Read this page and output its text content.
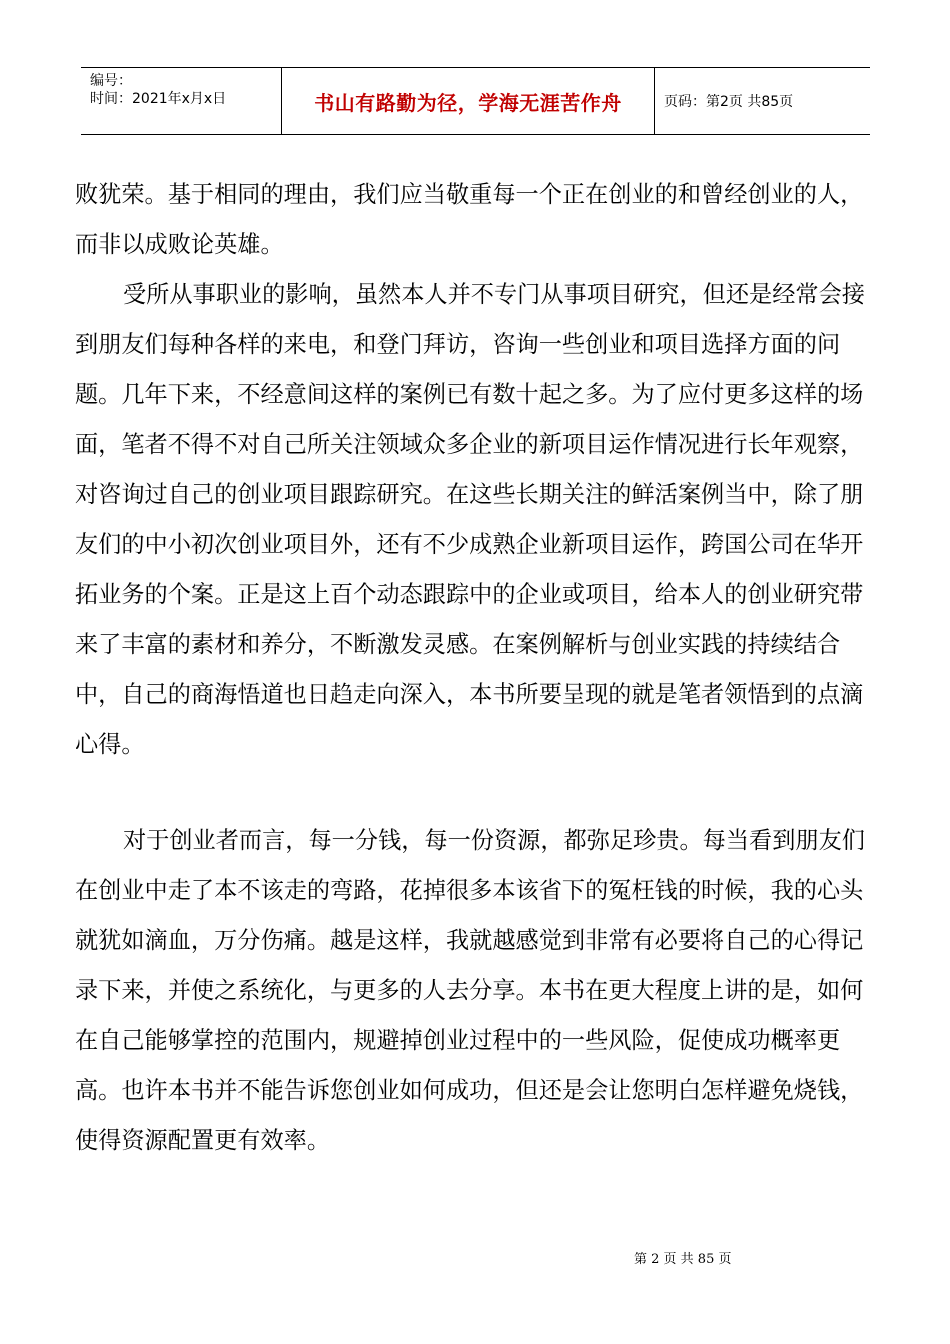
编号：
时间：2021年x月x日	书山有路勤为径，学海无涯苦作舟	页码：第2页 共85页

败犹荣。基于相同的理由，我们应当敬重每一个正在创业的和曾经创业的人，而非以成败论英雄。

受所从事职业的影响，虽然本人并不专门从事项目研究，但还是经常会接到朋友们每种各样的来电，和登门拜访，咨询一些创业和项目选择方面的问题。几年下来，不经意间这样的案例已有数十起之多。为了应付更多这样的场面，笔者不得不对自己所关注领域众多企业的新项目运作情况进行长年观察，对咨询过自己的创业项目跟踪研究。在这些长期关注的鲜活案例当中，除了朋友们的中小初次创业项目外，还有不少成熟企业新项目运作，跨国公司在华开拓业务的个案。正是这上百个动态跟踪中的企业或项目，给本人的创业研究带来了丰富的素材和养分，不断激发灵感。在案例解析与创业实践的持续结合中，自己的商海悟道也日趋走向深入，本书所要呈现的就是笔者领悟到的点滴心得。

对于创业者而言，每一分钱，每一份资源，都弥足珍贵。每当看到朋友们在创业中走了本不该走的弯路，花掉很多本该省下的冤枉钱的时候，我的心头就犹如滴血，万分伤痛。越是这样，我就越感觉到非常有必要将自己的心得记录下来，并使之系统化，与更多的人去分享。本书在更大程度上讲的是，如何在自己能够掌控的范围内，规避掉创业过程中的一些风险，促使成功概率更高。也许本书并不能告诉您创业如何成功，但还是会让您明白怎样避免烧钱，使得资源配置更有效率。

第 2 页 共 85 页
